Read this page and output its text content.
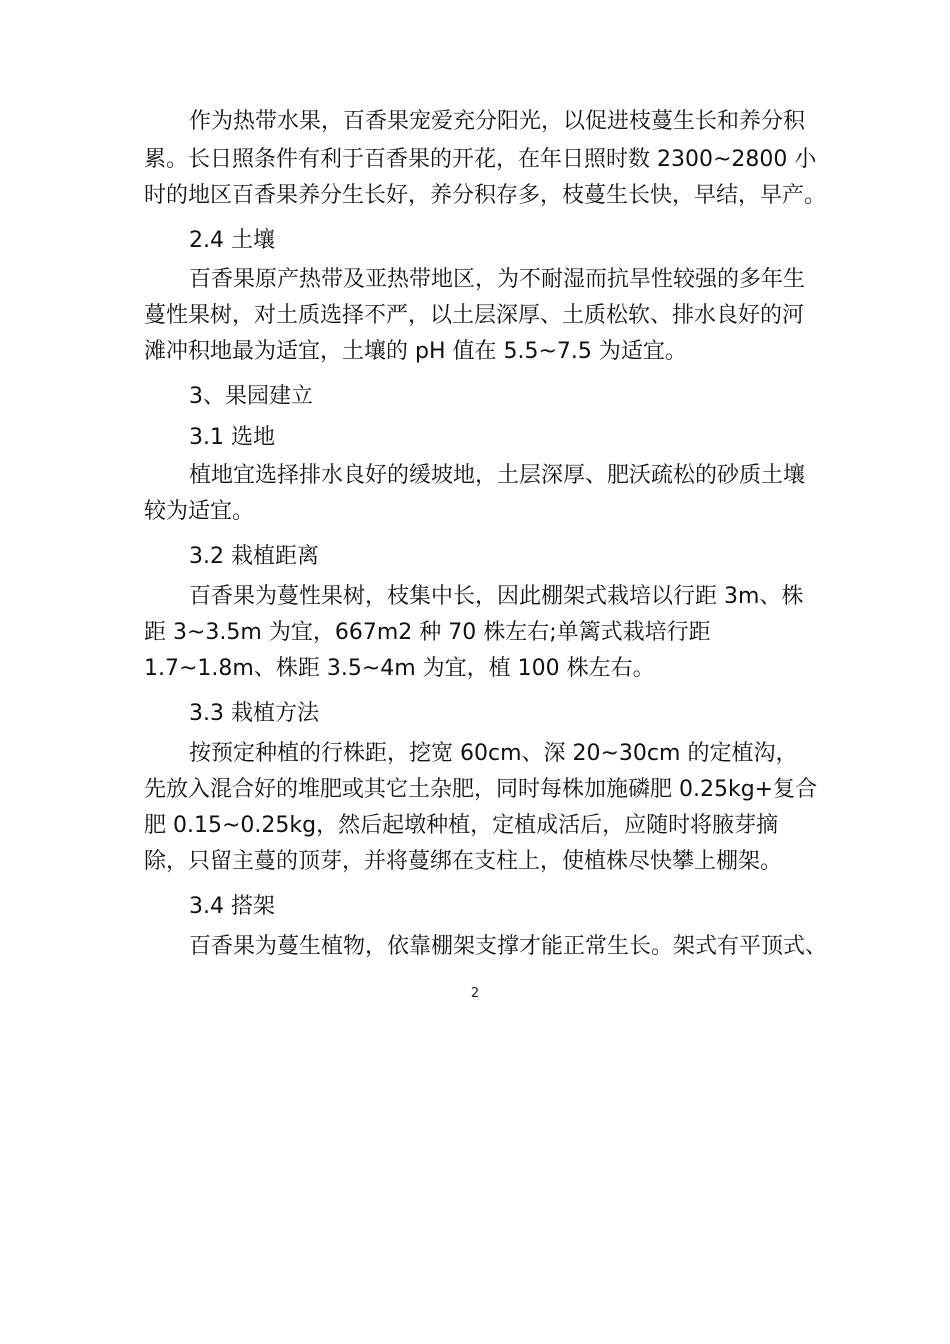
作为热带水果，百香果宠爱充分阳光，以促进枝蔓生长和养分积
累。长日照条件有利于百香果的开花，在年日照时数 2300~2800 小
时的地区百香果养分生长好，养分积存多，枝蔓生长快，早结，早产。
2.4 土壤
百香果原产热带及亚热带地区，为不耐湿而抗旱性较强的多年生
蔓性果树，对土质选择不严，以土层深厚、土质松软、排水良好的河
滩冲积地最为适宜，土壤的 pH 值在 5.5~7.5 为适宜。
3、果园建立
3.1 选地
植地宜选择排水良好的缓坡地，土层深厚、肥沃疏松的砂质土壤
较为适宜。
3.2 栽植距离
百香果为蔓性果树，枝集中长，因此棚架式栽培以行距 3m、株
距 3~3.5m 为宜，667m2 种 70 株左右;单篱式栽培行距
1.7~1.8m、株距 3.5~4m 为宜，植 100 株左右。
3.3 栽植方法
按预定种植的行株距，挖宽 60cm、深 20~30cm 的定植沟，
先放入混合好的堆肥或其它土杂肥，同时每株加施磷肥 0.25kg+复合
肥 0.15~0.25kg，然后起墩种植，定植成活后，应随时将腋芽摘
除，只留主蔓的顶芽，并将蔓绑在支柱上，使植株尽快攀上棚架。
3.4 搭架
百香果为蔓生植物，依靠棚架支撑才能正常生长。架式有平顶式、
2
